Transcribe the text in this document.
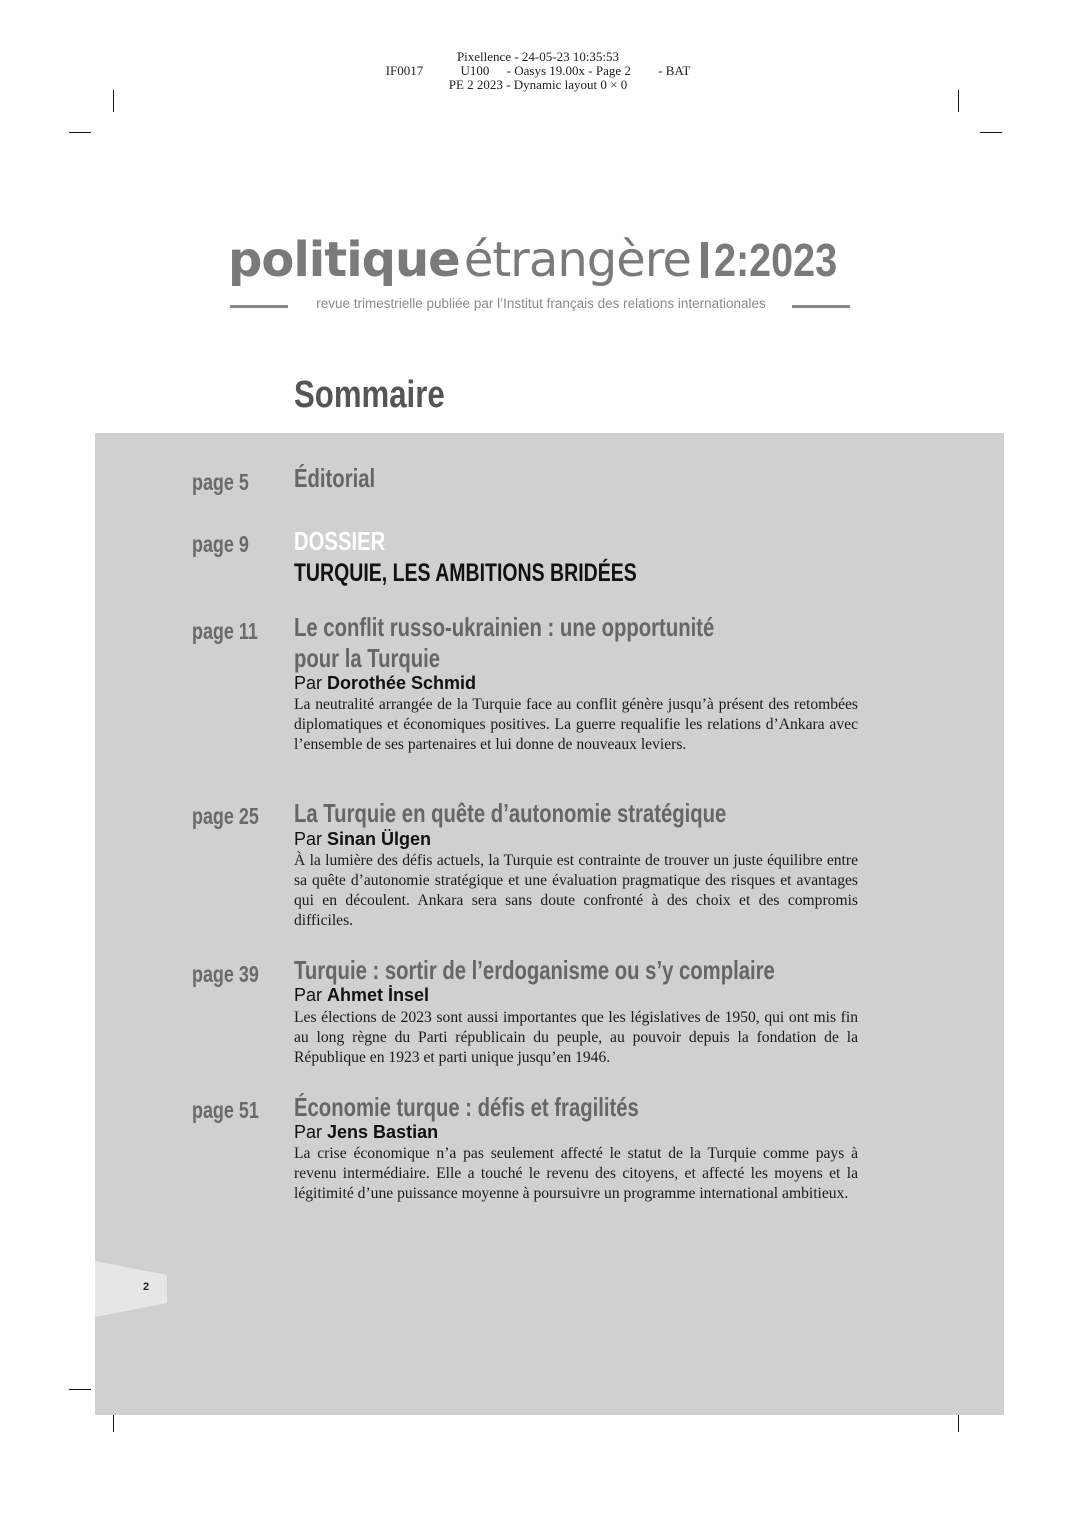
Pixellence - 24-05-23 10:35:53
IF0017	U100 - Oasys 19.00x - Page 2 - BAT
PE 2 2023 - Dynamic layout 0 × 0
politique étrangère 2:2023
revue trimestrielle publiée par l’Institut français des relations internationales
Sommaire
2
page 5 Éditorial
page 9 DOSSIER
TURQUIE, LES AMBITIONS BRIDÉES
page 11 Le conflit russo-ukrainien : une opportunité
pour la Turquie
Par Dorothée Schmid
La neutralité arrangée de la Turquie face au conflit génère jusqu’à présent des retombées diplomatiques et économiques positives. La guerre requalifie les relations d’Ankara avec l’ensemble de ses partenaires et lui donne de nouveaux leviers.
page 25 La Turquie en quête d’autonomie stratégique
Par Sinan Ülgen
À la lumière des défis actuels, la Turquie est contrainte de trouver un juste équilibre entre sa quête d’autonomie stratégique et une évaluation pragmatique des risques et avantages qui en découlent. Ankara sera sans doute confronté à des choix et des compromis difficiles.
page 39 Turquie : sortir de l’erdoganisme ou s’y complaire
Par Ahmet İnsel
Les élections de 2023 sont aussi importantes que les législatives de 1950, qui ont mis fin au long règne du Parti républicain du peuple, au pouvoir depuis la fondation de la République en 1923 et parti unique jusqu’en 1946.
page 51 Économie turque : défis et fragilités
Par Jens Bastian
La crise économique n’a pas seulement affecté le statut de la Turquie comme pays à revenu intermédiaire. Elle a touché le revenu des citoyens, et affecté les moyens et la légitimité d’une puissance moyenne à poursuivre un programme international ambitieux.
